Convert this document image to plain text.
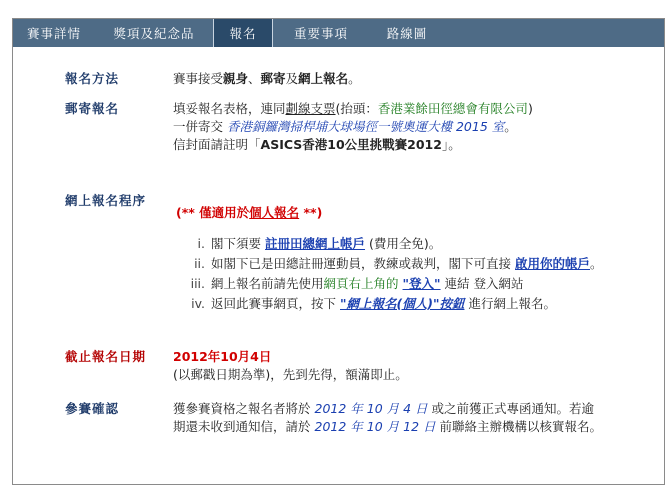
賽事詳情	獎項及紀念品	報名	重要事項	路線圖
報名方法	賽事接受親身、郵寄及網上報名。
郵寄報名	填妥報名表格，連同劃線支票(抬頭：香港業餘田徑總會有限公司)
一併寄交 香港銅鑼灣掃桿埔大球場徑一號奧運大樓 2015 室。
信封面請註明「ASICS香港10公里挑戰賽2012」。
網上報名程序
(** 僅適用於個人報名 **)
i. 閣下須要 註冊田總網上帳戶 (費用全免)。
ii. 如閣下已是田總註冊運動員，教練或裁判，閣下可直接 啟用你的帳戶。
iii. 網上報名前請先使用網頁右上角的 "登入" 連結 登入網站
iv. 返回此賽事網頁，按下 "網上報名(個人)"按鈕 進行網上報名。
截止報名日期 2012年10月4日
(以郵戳日期為準)，先到先得，額滿即止。
參賽確認	獲參賽資格之報名者將於 2012 年 10 月 4 日 或之前獲正式專函通知。若逾期還未收到通知信，請於 2012 年 10 月 12 日 前聯絡主辦機構以核實報名。
